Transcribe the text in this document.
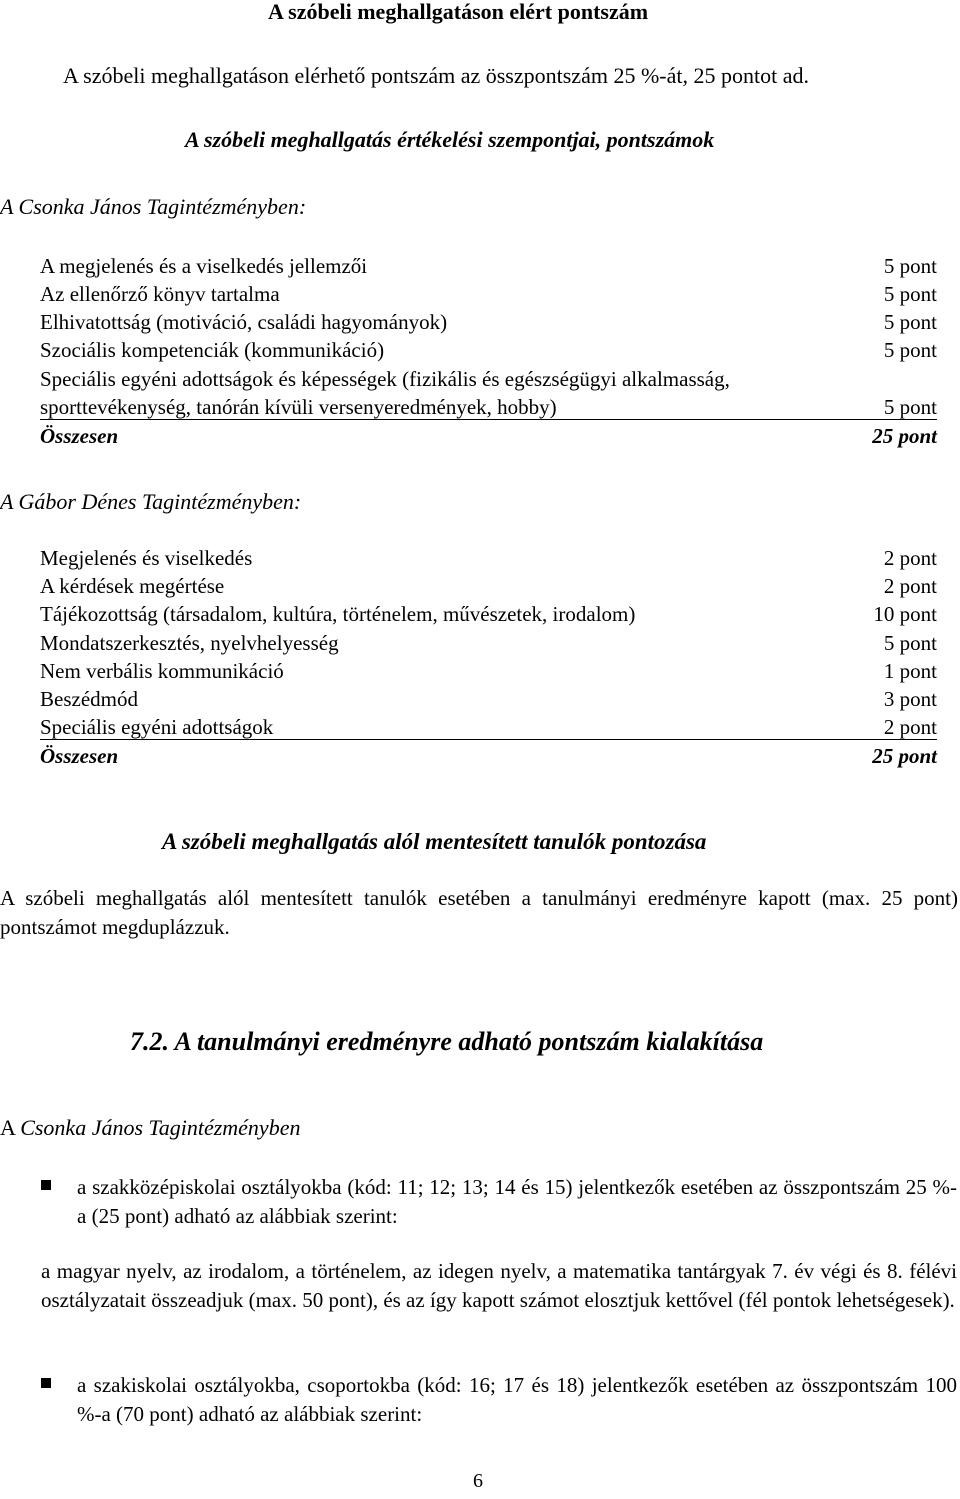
A szóbeli meghallgatáson elért pontszám
A szóbeli meghallgatáson elérhető pontszám az összpontszám 25 %-át, 25 pontot ad.
A szóbeli meghallgatás értékelési szempontjai, pontszámok
A Csonka János Tagintézményben:
A megjelenés és a viselkedés jellemzői	5 pont
Az ellenőrző könyv tartalma	5 pont
Elhivatottság (motiváció, családi hagyományok)	5 pont
Szociális kompetenciák (kommunikáció)	5 pont
Speciális egyéni adottságok és képességek (fizikális és egészségügyi alkalmasság,
sporttevékenység, tanórán kívüli versenyeredmények, hobby)	5 pont
Összesen	25 pont
A Gábor Dénes Tagintézményben:
Megjelenés és viselkedés	2 pont
A kérdések megértése	2 pont
Tájékozottság (társadalom, kultúra, történelem, művészetek, irodalom)	10 pont
Mondatszerkesztés, nyelvhelyesség	5 pont
Nem verbális kommunikáció	1 pont
Beszédmód	3 pont
Speciális egyéni adottságok	2 pont
Összesen	25 pont
A szóbeli meghallgatás alól mentesített tanulók pontozása
A szóbeli meghallgatás alól mentesített tanulók esetében a tanulmányi eredményre kapott (max. 25 pont) pontszámot megduplázzuk.
7.2. A tanulmányi eredményre adható pontszám kialakítása
A Csonka János Tagintézményben
a szakközépiskolai osztályokba (kód: 11; 12; 13; 14 és 15) jelentkezők esetében az összpontszám 25 %-a (25 pont) adható az alábbiak szerint:
a magyar nyelv, az irodalom, a történelem, az idegen nyelv, a matematika tantárgyak 7. év végi és 8. félévi osztályzatait összeadjuk (max. 50 pont), és az így kapott számot elosztjuk kettővel (fél pontok lehetségesek).
a szakiskolai osztályokba, csoportokba (kód: 16; 17 és 18) jelentkezők esetében az összpontszám 100 %-a (70 pont) adható az alábbiak szerint:
6
